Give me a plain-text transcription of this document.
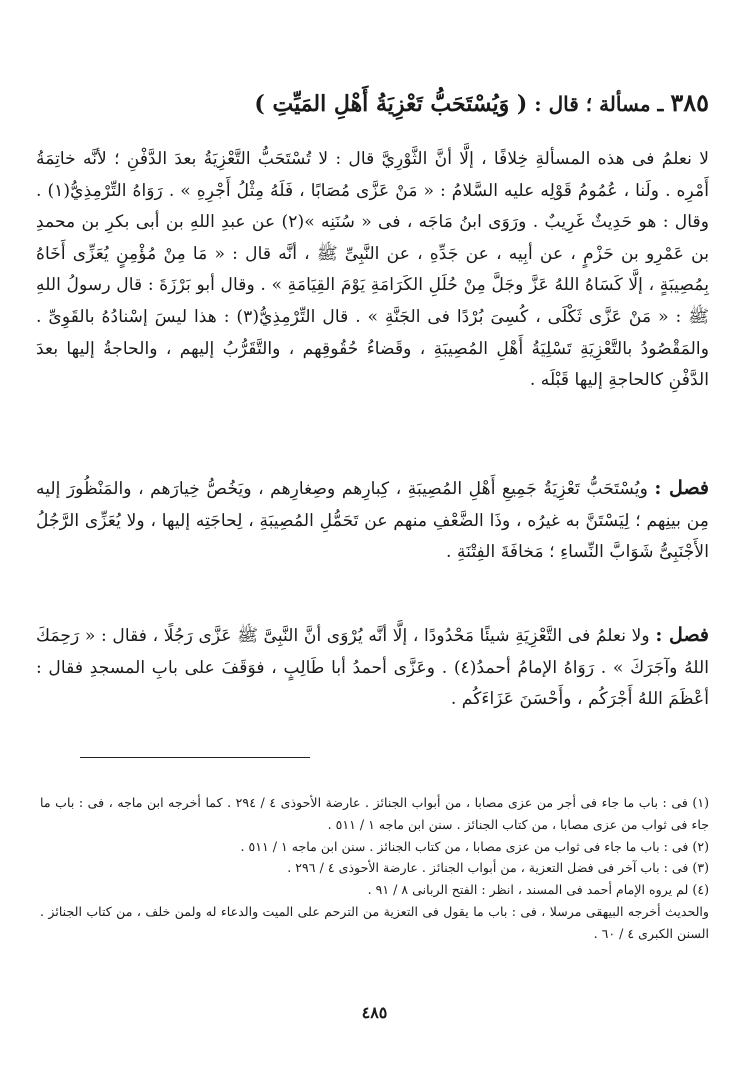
٣٨٥ ـ مسألة ؛ قال : ( وَيُسْتَحَبُّ تَعْزِيَةُ أَهْلِ المَيِّتِ )
لا نعلمُ فى هذه المسألةِ خِلافًا ، إلَّا أنَّ الثَّوْرِيَّ قال : لا تُسْتَحَبُّ التَّعْزِيَةُ بعدَ الدَّفْنِ ؛ لأنَّه خاتِمَةُ أَمْرِه . ولَنا ، عُمُومُ قَوْلِه عليه السَّلامُ : « مَنْ عَزَّى مُصَابًا ، فَلَهُ مِثْلُ أَجْرِهِ » . رَوَاهُ التِّرْمِذِيُّ(١) . وقال : هو حَدِيثٌ غَرِيبٌ . ورَوَى ابنُ مَاجَه ، فى « سُنَنِه »(٢) عن عبدِ اللهِ بن أبى بكرِ بن محمدِ بن عَمْرِو بن حَزْمٍ ، عن أبِيه ، عن جَدِّهِ ، عن النَّبِىِّ ﷺ ، أنَّه قال : « مَا مِنْ مُؤْمِنٍ يُعَزِّى أَخَاهُ بِمُصِيبَةٍ ، إلَّا كَسَاهُ اللهُ عَزَّ وجَلَّ مِنْ حُلَلِ الكَرَامَةِ يَوْمَ القِيَامَةِ » . وقال أبو بَرْزَةَ : قال رسولُ اللهِ ﷺ : « مَنْ عَزَّى ثَكْلَى ، كُسِىَ بُرْدًا فى الجَنَّةِ » . قال التِّرْمِذِيُّ(٣) : هذا ليسَ إسْنادُهُ بالقَوِىِّ . والمَقْصُودُ بالتَّعْزِيَةِ تَسْلِيَةُ أَهْلِ المُصِيبَةِ ، وقَضاءُ حُقُوقِهم ، والتَّقَرُّبُ إليهم ، والحاجةُ إليها بعدَ الدَّفْنِ كالحاجةِ إليها قَبْلَه .
فصل : ويُسْتَحَبُّ تَعْزِيَةُ جَمِيعِ أَهْلِ المُصِيبَةِ ، كِبارِهم وصِغارِهم ، ويَخُصُّ خِيارَهم ، والمَنْظُورَ إليه مِن بينِهم ؛ لِيَسْتَنَّ به غيرُه ، وذَا الضَّعْفِ منهم عن تَحَمُّلِ المُصِيبَةِ ، لِحاجَتِه إليها ، ولا يُعَزِّى الرَّجُلُ الأَجْنَبِىُّ شَوَابَّ النِّساءِ ؛ مَخافَةَ الفِتْنَةِ .
فصل : ولا نعلمُ فى التَّعْزِيَةِ شيئًا مَحْدُودًا ، إلَّا أنَّه يُرْوَى أنَّ النَّبِىَّ ﷺ عَزَّى رَجُلًا ، فقال : « رَحِمَكَ اللهُ وآجَرَكَ » . رَوَاهُ الإمامُ أحمدُ(٤) . وعَزَّى أحمدُ أبا طَالِبٍ ، فوَقَفَ على بابِ المسجدِ فقال : أعْظَمَ اللهُ أَجْرَكُم ، وأَحْسَنَ عَزَاءَكُم .
(١) فى : باب ما جاء فى أجر من عزى مصابا ، من أبواب الجنائز . عارضة الأحوذى ٤ / ٢٩٤ . كما أخرجه ابن ماجه ، فى : باب ما جاء فى ثواب من عزى مصابا ، من كتاب الجنائز . سنن ابن ماجه ١ / ٥١١ .
(٢) فى : باب ما جاء فى ثواب من عزى مصابا ، من كتاب الجنائز . سنن ابن ماجه ١ / ٥١١ .
(٣) فى : باب آخر فى فضل التعزية ، من أبواب الجنائز . عارضة الأحوذى ٤ / ٢٩٦ .
(٤) لم يروه الإمام أحمد فى المسند ، انظر : الفتح الربانى ٨ / ٩١ .
والحديث أخرجه البيهقى مرسلا ، فى : باب ما يقول فى التعزية من الترحم على الميت والدعاء له ولمن خلف ، من كتاب الجنائز . السنن الكبرى ٤ / ٦٠ .
٤٨٥
